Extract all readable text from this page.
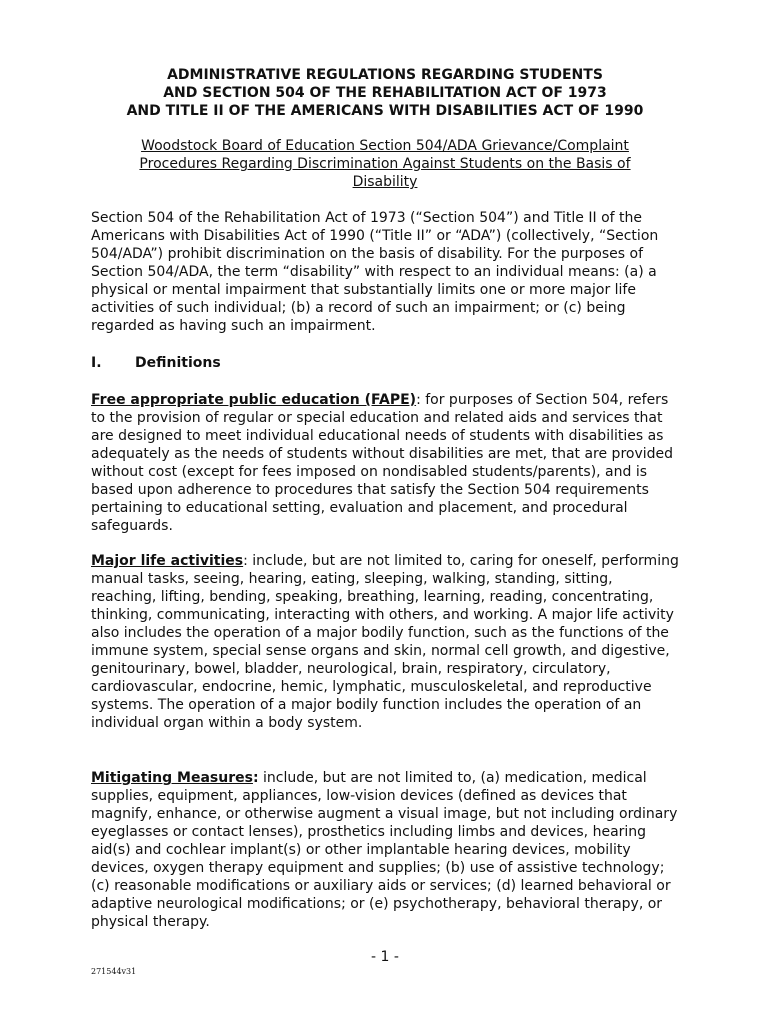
ADMINISTRATIVE REGULATIONS REGARDING STUDENTS
AND SECTION 504 OF THE REHABILITATION ACT OF 1973
AND TITLE II OF THE AMERICANS WITH DISABILITIES ACT OF 1990

Woodstock Board of Education Section 504/ADA Grievance/Complaint Procedures Regarding Discrimination Against Students on the Basis of Disability

Section 504 of the Rehabilitation Act of 1973 (“Section 504”) and Title II of the Americans with Disabilities Act of 1990 (“Title II” or “ADA”) (collectively, “Section 504/ADA”) prohibit discrimination on the basis of disability. For the purposes of Section 504/ADA, the term “disability” with respect to an individual means: (a) a physical or mental impairment that substantially limits one or more major life activities of such individual; (b) a record of such an impairment; or (c) being regarded as having such an impairment.

I. Definitions

Free appropriate public education (FAPE): for purposes of Section 504, refers to the provision of regular or special education and related aids and services that are designed to meet individual educational needs of students with disabilities as adequately as the needs of students without disabilities are met, that are provided without cost (except for fees imposed on nondisabled students/parents), and is based upon adherence to procedures that satisfy the Section 504 requirements pertaining to educational setting, evaluation and placement, and procedural safeguards.

Major life activities: include, but are not limited to, caring for oneself, performing manual tasks, seeing, hearing, eating, sleeping, walking, standing, sitting, reaching, lifting, bending, speaking, breathing, learning, reading, concentrating, thinking, communicating, interacting with others, and working. A major life activity also includes the operation of a major bodily function, such as the functions of the immune system, special sense organs and skin, normal cell growth, and digestive, genitourinary, bowel, bladder, neurological, brain, respiratory, circulatory, cardiovascular, endocrine, hemic, lymphatic, musculoskeletal, and reproductive systems. The operation of a major bodily function includes the operation of an individual organ within a body system.

Mitigating Measures: include, but are not limited to, (a) medication, medical supplies, equipment, appliances, low-vision devices (defined as devices that magnify, enhance, or otherwise augment a visual image, but not including ordinary eyeglasses or contact lenses), prosthetics including limbs and devices, hearing aid(s) and cochlear implant(s) or other implantable hearing devices, mobility devices, oxygen therapy equipment and supplies; (b) use of assistive technology; (c) reasonable modifications or auxiliary aids or services; (d) learned behavioral or adaptive neurological modifications; or (e) psychotherapy, behavioral therapy, or physical therapy.

- 1 -
271544v31
